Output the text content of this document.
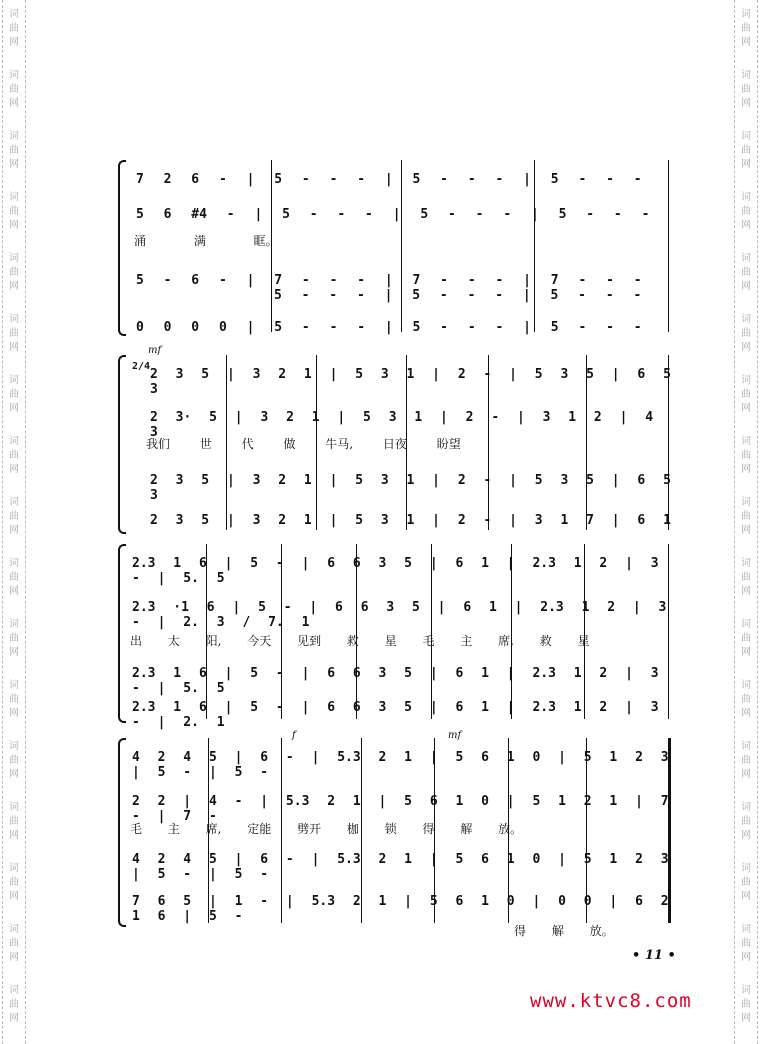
词
曲
网
词
曲
网
词
曲
网
词
曲
网
词
曲
网
词
曲
网
词
曲
网
词
曲
网
词
曲
网
词
曲
网
词
曲
网
词
曲
网
词
曲
网
词
曲
网
词
曲
网
词
曲
网
词
曲
网
词
曲
网
词
曲
网
词
曲
网
词
曲
网
词
曲
网
词
曲
网
词
曲
网
词
曲
网
词
曲
网
词
曲
网
词
曲
网
词
曲
网
词
曲
网
词
曲
网
词
曲
网
词
曲
网
词
曲
网
7 2 6 - | 5 - - - | 5 - - - | 5 - - -
5 6 #4 - | 5 - - - | 5 - - - | 5 - - -
涌 满 眶。
5 - 6 - | 7 - - - | 7 - - - | 7 - - -
5 - - - | 5 - - - | 5 - - -
0 0 0 0 | 5 - - - | 5 - - - | 5 - - -
mf
2/4
2 3 5 | 3 2 1 | 5 3 1 | 2 - | 5 3 5 | 6 5 3
2 3· 5 | 3 2 1 | 5 3 1 | 2 - | 3 1 2 | 4 3
我们 世 代 做 牛马, 日夜 盼望
2 3 5 | 3 2 1 | 5 3 1 | 2 - | 5 3 5 | 6 5 3
2 3 5 | 3 2 1 | 5 3 1 | 2 - | 3 1 7 | 6 1
2.3 1 6 | 5 - | 6 6 3 5 | 6 1 | 2.3 1 2 | 3 - | 5. 5
2.3 ·1 6 | 5 - | 6 6 3 5 | 6 1 | 2.3 1 2 | 3 - | 2. 3 / 7. 1
出 太 阳, 今天 见到 救 星 毛 主 席, 救 星
2.3 1 6 | 5 - | 6 6 3 5 | 6 1 | 2.3 1 2 | 3 - | 5. 5
2.3 1 6 | 5 - | 6 6 3 5 | 6 1 | 2.3 1 2 | 3 - | 2. 1
f	mf
4 2 4 5 | 6 - | 5.3 2 1 | 5 6 1 0 | 5 1 2 3 | 5 - | 5 -
2 2 | 4 - | 5.3 2 1 | 5 6 1 0 | 5 1 2 1 | 7 - | 7 -
毛 主 席, 定能 劈开 枷 锁 得 解 放。
4 2 4 5 | 6 - | 5.3 2 1 | 5 6 1 0 | 5 1 2 3 | 5 - | 5 -
7 6 5 | 1 - | 5.3 2 1 | 5 6 1 0 | 0 0 | 6 2 1 6 | 5 -
得 解 放。
• 11 •
www.ktvc8.com
